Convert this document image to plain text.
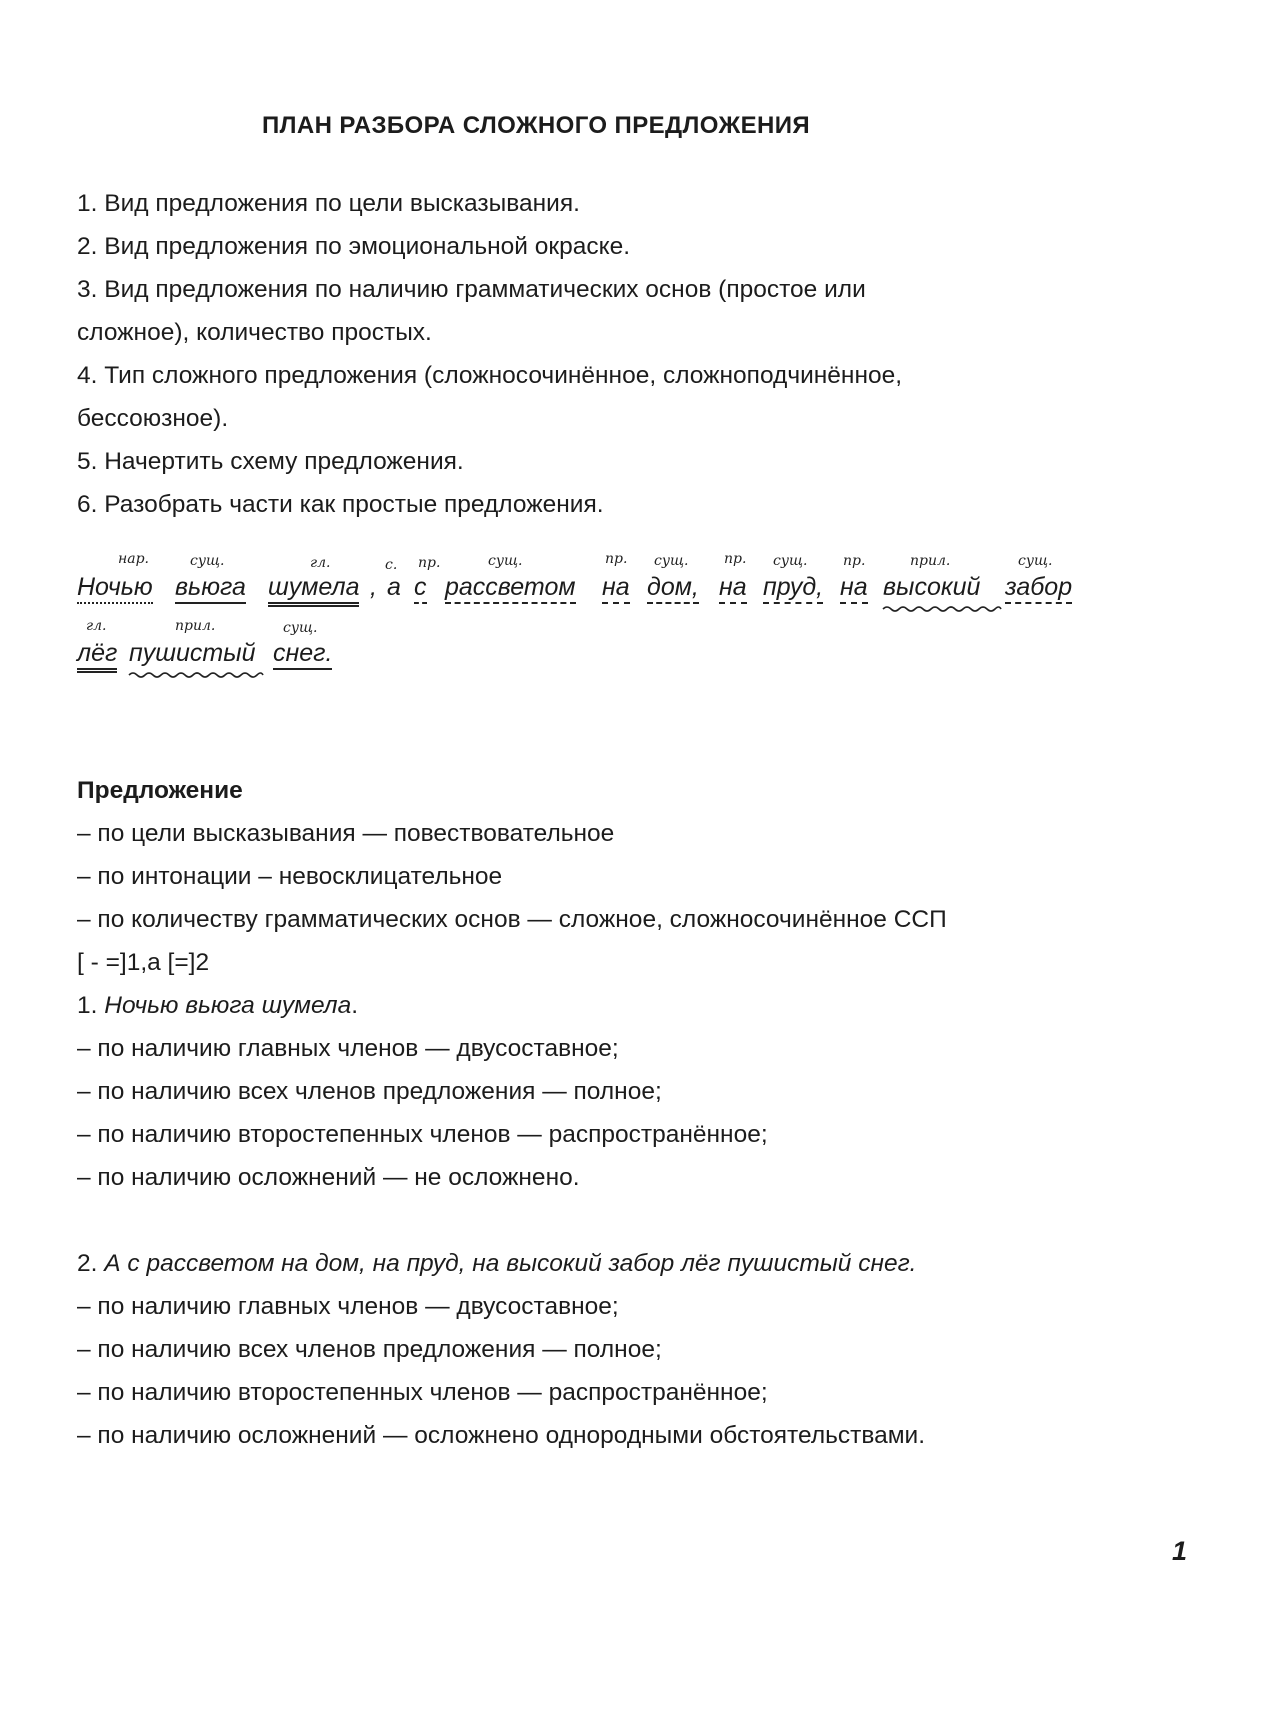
ПЛАН РАЗБОРА СЛОЖНОГО ПРЕДЛОЖЕНИЯ
1. Вид предложения по цели высказывания.
2. Вид предложения по эмоциональной окраске.
3. Вид предложения по наличию грамматических основ (простое или
сложное), количество простых.
4. Тип сложного предложения (сложносочинённое, сложноподчинённое,
бессоюзное).
5. Начертить схему предложения.
6. Разобрать части как простые предложения.
нар.	сущ.	гл.	с. пр.	сущ.	пр. сущ.	пр. сущ.	пр.	прил.	сущ.
Ночью вьюга шумела , а с рассветом на дом, на пруд, на высокий забор
гл.	прил.	сущ.
лёг пушистый снег.
Предложение
– по цели высказывания — повествовательное
– по интонации – невосклицательное
– по количеству грамматических основ — сложное, сложносочинённое ССП
[ - =]1,а [=]2
1. Ночью вьюга шумела.
– по наличию главных членов — двусоставное;
– по наличию всех членов предложения — полное;
– по наличию второстепенных членов — распространённое;
– по наличию осложнений — не осложнено.
2. А с рассветом на дом, на пруд, на высокий забор лёг пушистый снег.
– по наличию главных членов — двусоставное;
– по наличию всех членов предложения — полное;
– по наличию второстепенных членов — распространённое;
– по наличию осложнений — осложнено однородными обстоятельствами.
1
